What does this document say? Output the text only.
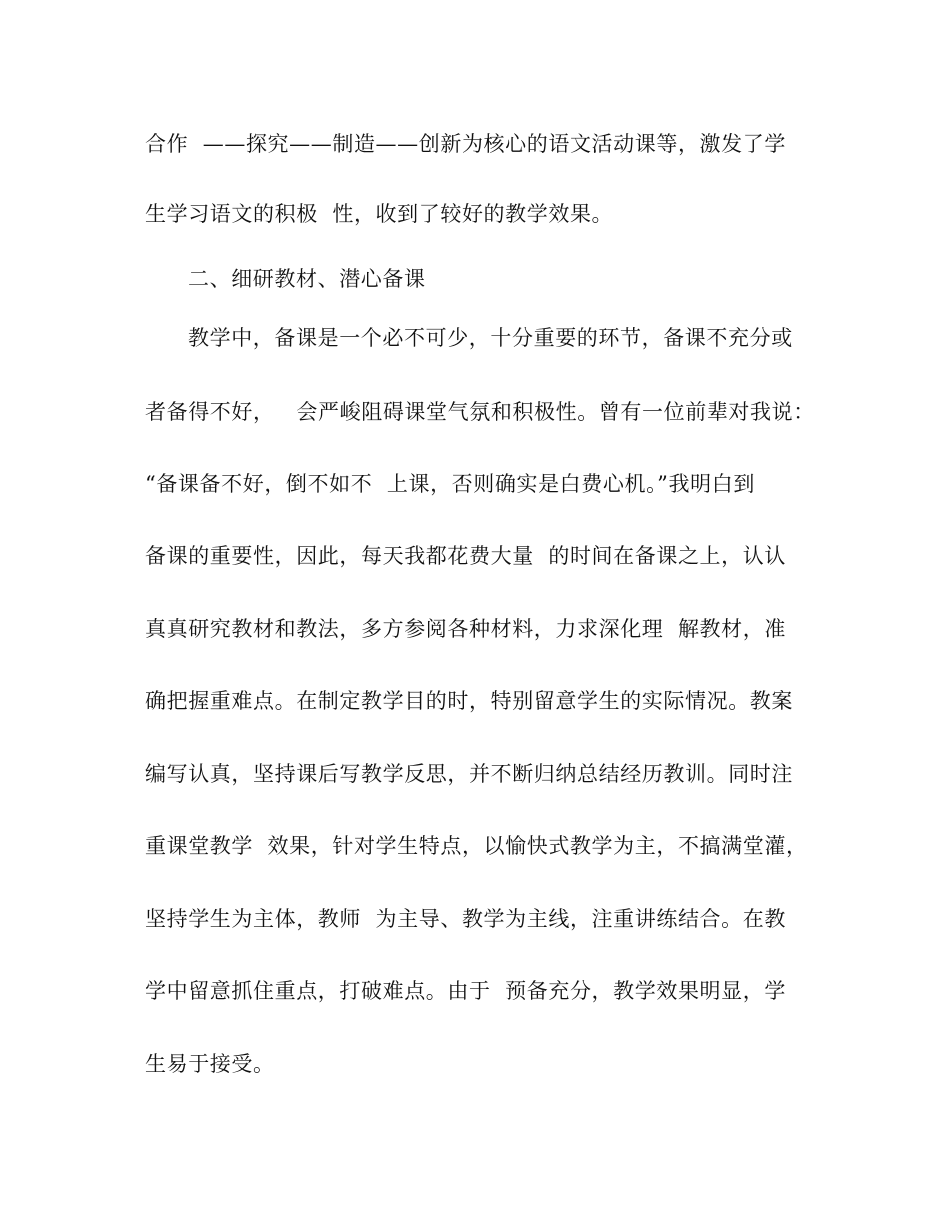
合作  ——探究——制造——创新为核心的语文活动课等，激发了学
生学习语文的积极  性，收到了较好的教学效果。
二、细研教材、潜心备课
教学中，备课是一个必不可少，十分重要的环节，备课不充分或
者备得不好，   会严峻阻碍课堂气氛和积极性。曾有一位前辈对我说：
“备课备不好，倒不如不  上课，否则确实是白费心机。”我明白到
备课的重要性，因此，每天我都花费大量  的时间在备课之上，认认
真真研究教材和教法，多方参阅各种材料，力求深化理  解教材，准
确把握重难点。在制定教学目的时，特别留意学生的实际情况。教案
编写认真，坚持课后写教学反思，并不断归纳总结经历教训。同时注
重课堂教学  效果，针对学生特点，以愉快式教学为主，不搞满堂灌，
坚持学生为主体，教师  为主导、教学为主线，注重讲练结合。在教
学中留意抓住重点，打破难点。由于  预备充分，教学效果明显，学
生易于接受。
